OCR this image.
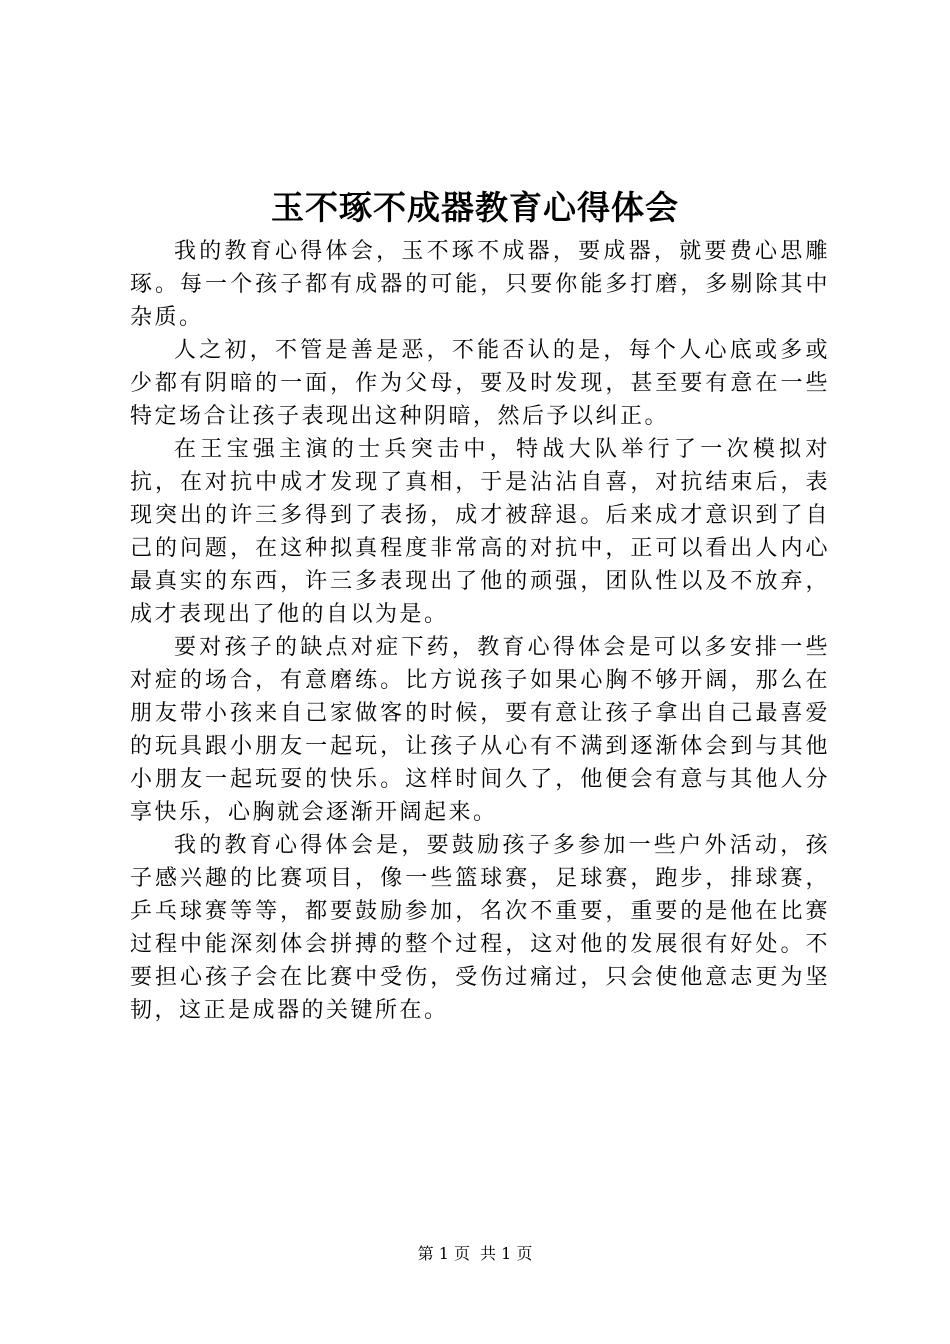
玉不琢不成器教育心得体会

我的教育心得体会，玉不琢不成器，要成器，就要费心思雕琢。每一个孩子都有成器的可能，只要你能多打磨，多剔除其中杂质。

人之初，不管是善是恶，不能否认的是，每个人心底或多或少都有阴暗的一面，作为父母，要及时发现，甚至要有意在一些特定场合让孩子表现出这种阴暗，然后予以纠正。

在王宝强主演的士兵突击中，特战大队举行了一次模拟对抗，在对抗中成才发现了真相，于是沾沾自喜，对抗结束后，表现突出的许三多得到了表扬，成才被辞退。后来成才意识到了自己的问题，在这种拟真程度非常高的对抗中，正可以看出人内心最真实的东西，许三多表现出了他的顽强，团队性以及不放弃，成才表现出了他的自以为是。

要对孩子的缺点对症下药，教育心得体会是可以多安排一些对症的场合，有意磨练。比方说孩子如果心胸不够开阔，那么在朋友带小孩来自己家做客的时候，要有意让孩子拿出自己最喜爱的玩具跟小朋友一起玩，让孩子从心有不满到逐渐体会到与其他小朋友一起玩耍的快乐。这样时间久了，他便会有意与其他人分享快乐，心胸就会逐渐开阔起来。

我的教育心得体会是，要鼓励孩子多参加一些户外活动，孩子感兴趣的比赛项目，像一些篮球赛，足球赛，跑步，排球赛，乒乓球赛等等，都要鼓励参加，名次不重要，重要的是他在比赛过程中能深刻体会拼搏的整个过程，这对他的发展很有好处。不要担心孩子会在比赛中受伤，受伤过痛过，只会使他意志更为坚韧，这正是成器的关键所在。

第 1 页 共 1 页
